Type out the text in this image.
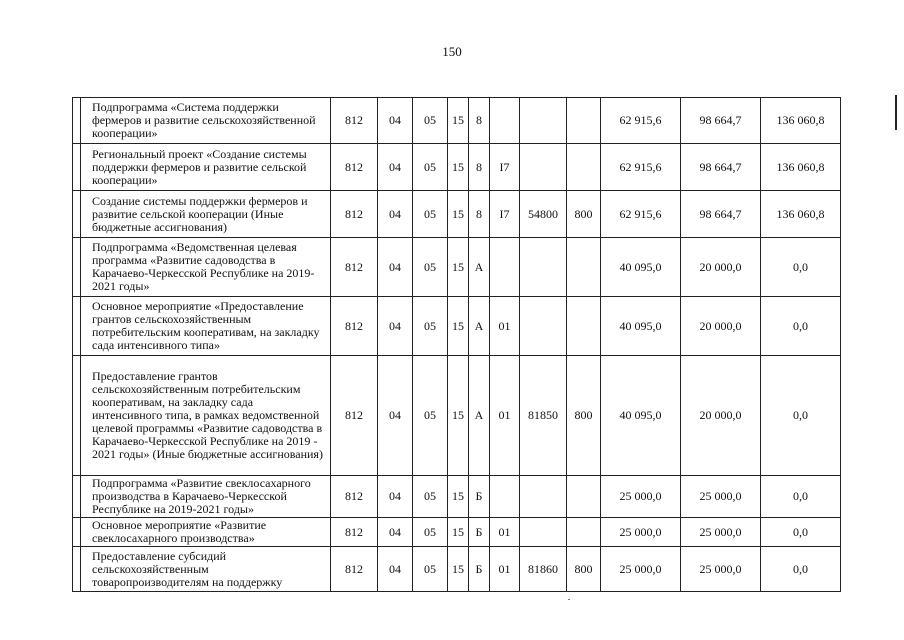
150
	Подпрограмма «Система поддержки фермеров и развитие сельскохозяйственной кооперации»	812	04	05	15	8				62 915,6	98 664,7	136 060,8
	Региональный проект «Создание системы поддержки фермеров и развитие сельской кооперации»	812	04	05	15	8	I7			62 915,6	98 664,7	136 060,8
	Создание системы поддержки фермеров и развитие сельской кооперации (Иные бюджетные ассигнования)	812	04	05	15	8	I7	54800	800	62 915,6	98 664,7	136 060,8
	Подпрограмма «Ведомственная целевая программа «Развитие садоводства в Карачаево-Черкесской Республике на 2019-2021 годы»	812	04	05	15	А				40 095,0	20 000,0	0,0
	Основное мероприятие «Предоставление грантов сельскохозяйственным потребительским кооперативам, на закладку сада интенсивного типа»	812	04	05	15	А	01			40 095,0	20 000,0	0,0
	Предоставление грантов сельскохозяйственным потребительским кооперативам, на закладку сада интенсивного типа, в рамках ведомственной целевой программы «Развитие садоводства в Карачаево-Черкесской Республике на 2019 - 2021 годы» (Иные бюджетные ассигнования)	812	04	05	15	А	01	81850	800	40 095,0	20 000,0	0,0
	Подпрограмма «Развитие свеклосахарного производства в Карачаево-Черкесской Республике на 2019-2021 годы»	812	04	05	15	Б				25 000,0	25 000,0	0,0
	Основное мероприятие «Развитие свеклосахарного производства»	812	04	05	15	Б	01			25 000,0	25 000,0	0,0
	Предоставление субсидий сельскохозяйственным товаропроизводителям на поддержку	812	04	05	15	Б	01	81860	800	25 000,0	25 000,0	0,0
